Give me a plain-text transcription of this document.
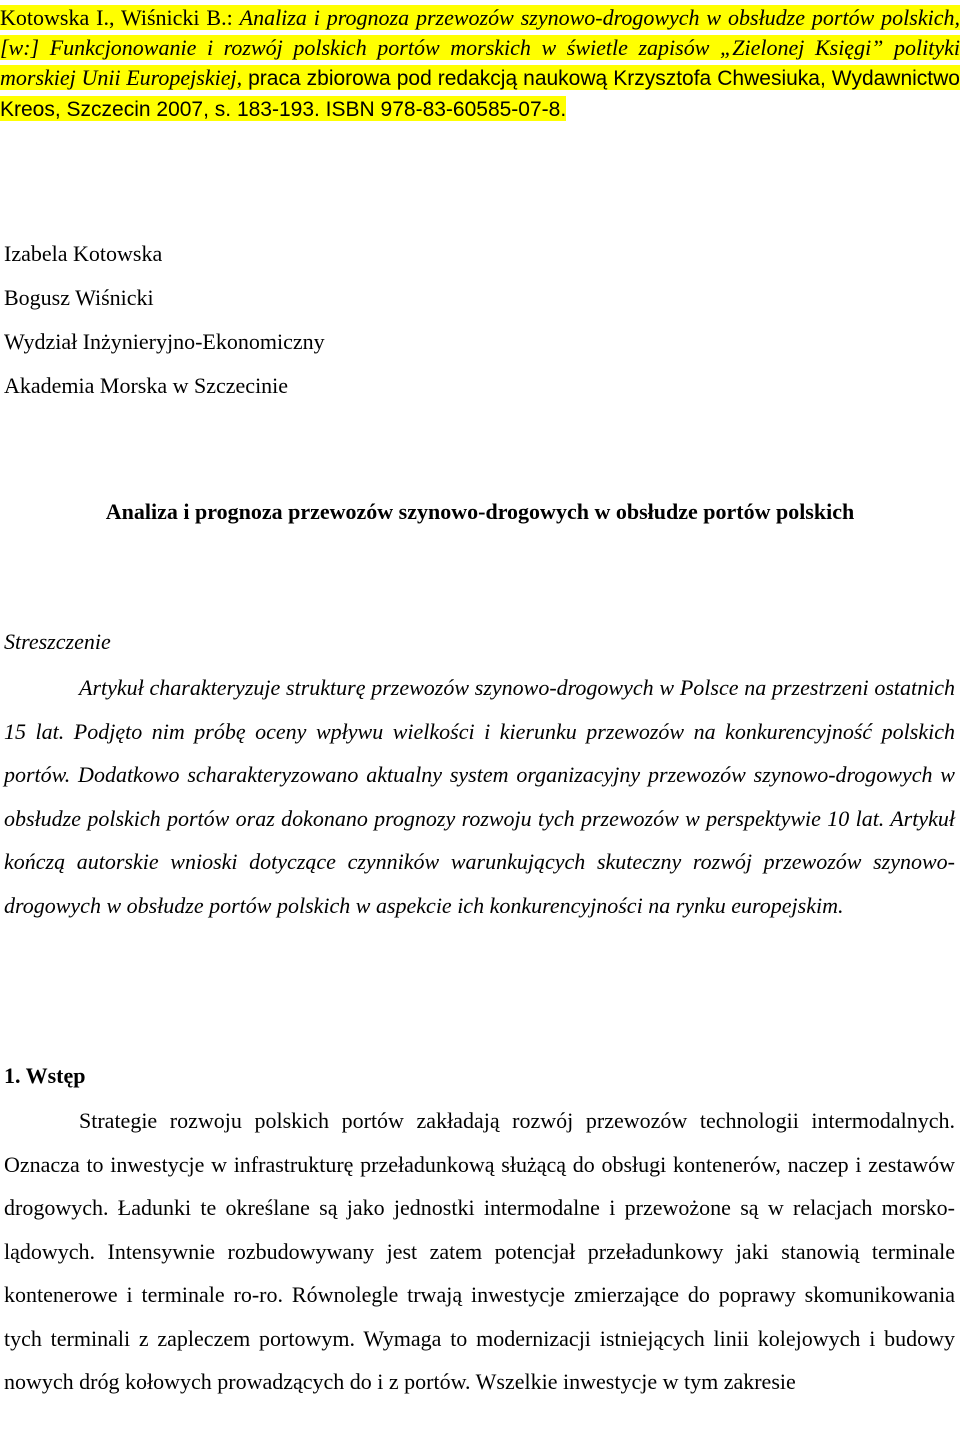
Kotowska I., Wiśnicki B.: Analiza i prognoza przewozów szynowo-drogowych w obsłudze portów polskich, [w:] Funkcjonowanie i rozwój polskich portów morskich w świetle zapisów „Zielonej Księgi” polityki morskiej Unii Europejskiej, praca zbiorowa pod redakcją naukową Krzysztofa Chwesiuka, Wydawnictwo Kreos, Szczecin 2007, s. 183-193. ISBN 978-83-60585-07-8.
Izabela Kotowska
Bogusz Wiśnicki
Wydział Inżynieryjno-Ekonomiczny
Akademia Morska w Szczecinie
Analiza i prognoza przewozów szynowo-drogowych w obsłudze portów polskich
Streszczenie
Artykuł charakteryzuje strukturę przewozów szynowo-drogowych w Polsce na przestrzeni ostatnich 15 lat. Podjęto nim próbę oceny wpływu wielkości i kierunku przewozów na konkurencyjność polskich portów. Dodatkowo scharakteryzowano aktualny system organizacyjny przewozów szynowo-drogowych w obsłudze polskich portów oraz dokonano prognozy rozwoju tych przewozów w perspektywie 10 lat. Artykuł kończą autorskie wnioski dotyczące czynników warunkujących skuteczny rozwój przewozów szynowo-drogowych w obsłudze portów polskich w aspekcie ich konkurencyjności na rynku europejskim.
1. Wstęp
Strategie rozwoju polskich portów zakładają rozwój przewozów technologii intermodalnych. Oznacza to inwestycje w infrastrukturę przeładunkową służącą do obsługi kontenerów, naczep i zestawów drogowych. Ładunki te określane są jako jednostki intermodalne i przewożone są w relacjach morsko-lądowych. Intensywnie rozbudowywany jest zatem potencjał przeładunkowy jaki stanowią terminale kontenerowe i terminale ro-ro. Równolegle trwają inwestycje zmierzające do poprawy skomunikowania tych terminali z zapleczem portowym. Wymaga to modernizacji istniejących linii kolejowych i budowy nowych dróg kołowych prowadzących do i z portów. Wszelkie inwestycje w tym zakresie
